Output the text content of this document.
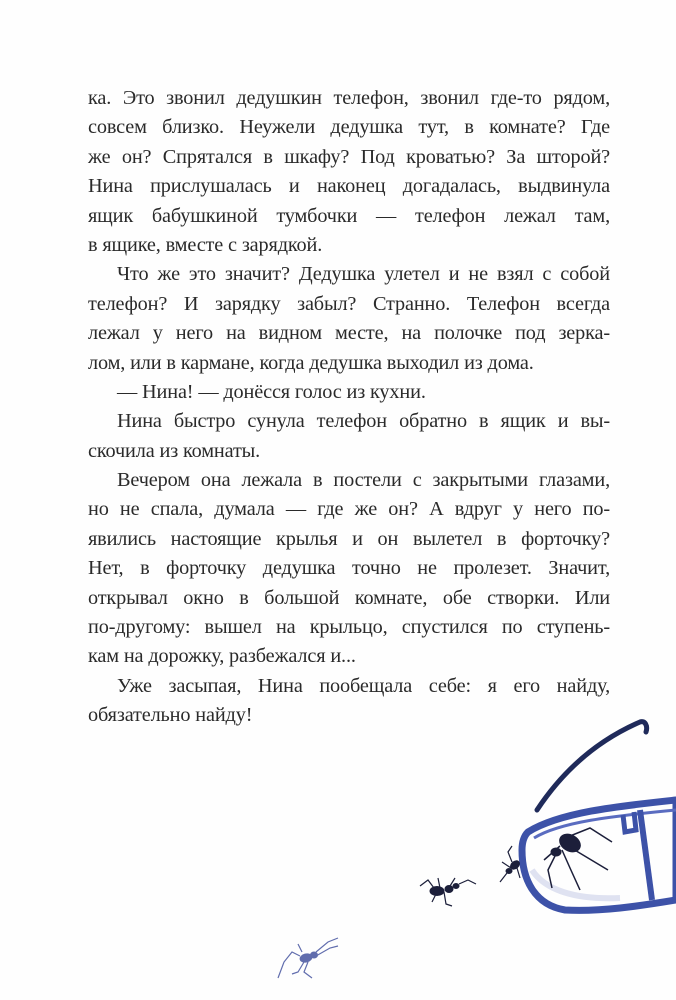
ка. Это звонил дедушкин телефон, звонил где-то рядом,
совсем близко. Неужели дедушка тут, в комнате? Где
же он? Спрятался в шкафу? Под кроватью? За шторой?
Нина прислушалась и наконец догадалась, выдвинула
ящик бабушкиной тумбочки — телефон лежал там,
в ящике, вместе с зарядкой.
Что же это значит? Дедушка улетел и не взял с собой
телефон? И зарядку забыл? Странно. Телефон всегда
лежал у него на видном месте, на полочке под зерка-
лом, или в кармане, когда дедушка выходил из дома.
— Нина! — донёсся голос из кухни.
Нина быстро сунула телефон обратно в ящик и вы-
скочила из комнаты.
Вечером она лежала в постели с закрытыми глазами,
но не спала, думала — где же он? А вдруг у него по-
явились настоящие крылья и он вылетел в форточку?
Нет, в форточку дедушка точно не пролезет. Значит,
открывал окно в большой комнате, обе створки. Или
по-другому: вышел на крыльцо, спустился по ступень-
кам на дорожку, разбежался и...
Уже засыпая, Нина пообещала себе: я его найду,
обязательно найду!
